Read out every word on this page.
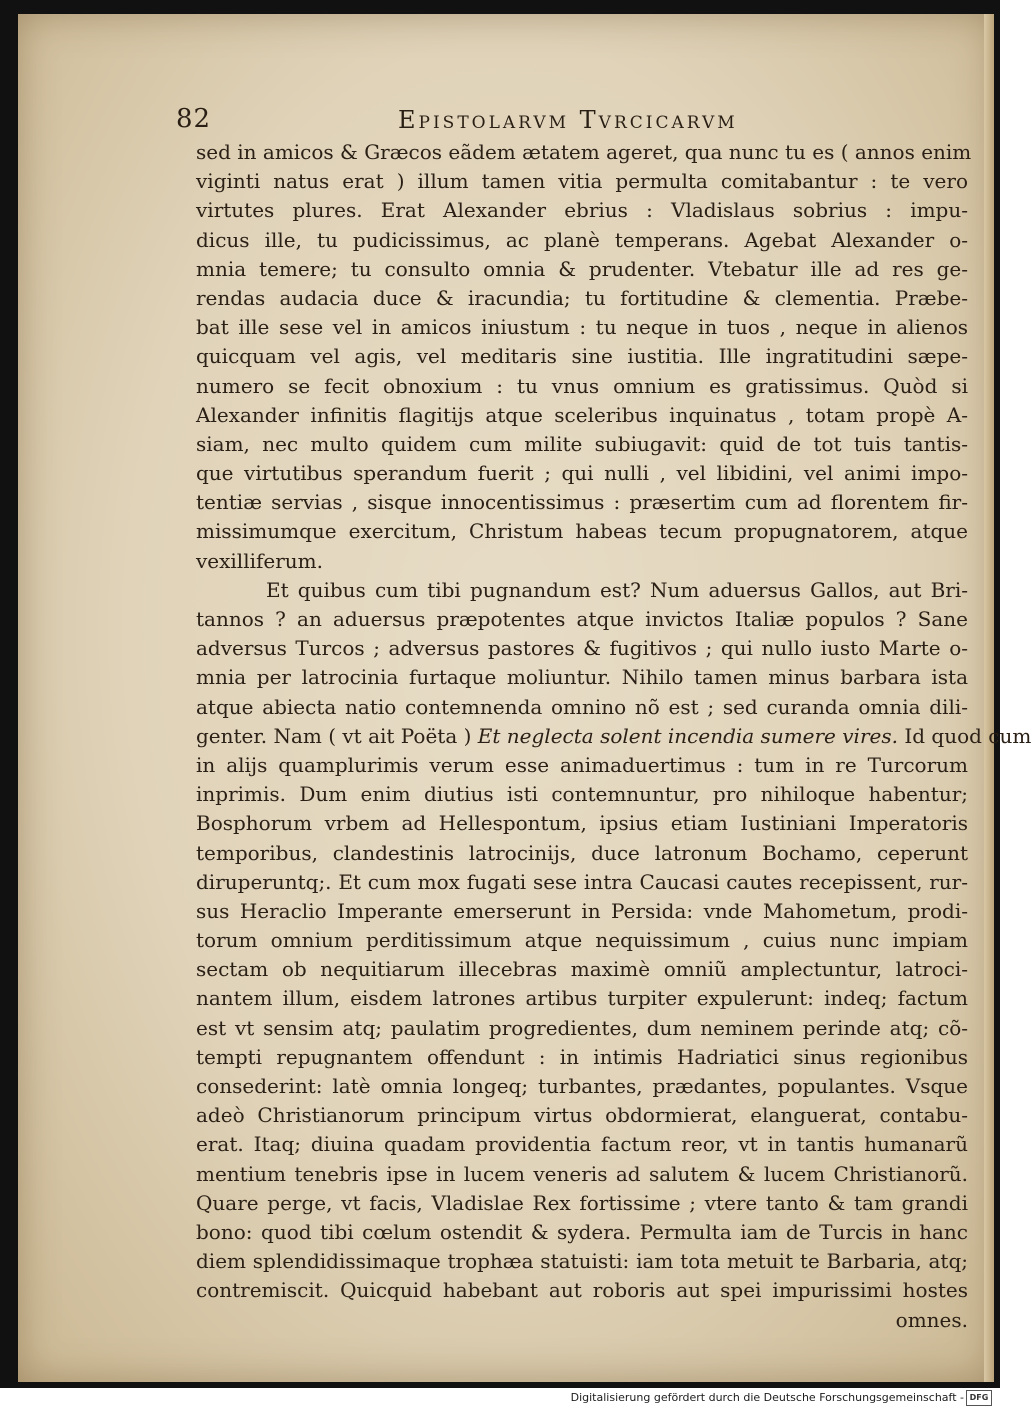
82	Epistolarvm Tvrcicarvm
sed in amicos & Græcos eãdem ætatem ageret, qua nunc tu es ( annos enim
viginti natus erat ) illum tamen vitia permulta comitabantur : te vero
virtutes plures. Erat Alexander ebrius : Vladislaus sobrius : impu-
dicus ille, tu pudicissimus, ac planè temperans. Agebat Alexander o-
mnia temere; tu consulto omnia & prudenter. Vtebatur ille ad res ge-
rendas audacia duce & iracundia; tu fortitudine & clementia. Præbe-
bat ille sese vel in amicos iniustum : tu neque in tuos , neque in alienos
quicquam vel agis, vel meditaris sine iustitia. Ille ingratitudini sæpe-
numero se fecit obnoxium : tu vnus omnium es gratissimus. Quòd si
Alexander infinitis flagitijs atque sceleribus inquinatus , totam propè A-
siam, nec multo quidem cum milite subiugavit: quid de tot tuis tantis-
que virtutibus sperandum fuerit ; qui nulli , vel libidini, vel animi impo-
tentiæ servias , sisque innocentissimus : præsertim cum ad florentem fir-
missimumque exercitum, Christum habeas tecum propugnatorem, atque
vexilliferum.
Et quibus cum tibi pugnandum est? Num aduersus Gallos, aut Bri-
tannos ? an aduersus præpotentes atque invictos Italiæ populos ? Sane
adversus Turcos ; adversus pastores & fugitivos ; qui nullo iusto Marte o-
mnia per latrocinia furtaque moliuntur. Nihilo tamen minus barbara ista
atque abiecta natio contemnenda omnino nõ est ; sed curanda omnia dili-
genter. Nam ( vt ait Poëta ) Et neglecta solent incendia sumere vires. Id quod cum
in alijs quamplurimis verum esse animaduertimus : tum in re Turcorum
inprimis. Dum enim diutius isti contemnuntur, pro nihiloque habentur;
Bosphorum vrbem ad Hellespontum, ipsius etiam Iustiniani Imperatoris
temporibus, clandestinis latrocinijs, duce latronum Bochamo, ceperunt
diruperuntq;. Et cum mox fugati sese intra Caucasi cautes recepissent, rur-
sus Heraclio Imperante emerserunt in Persida: vnde Mahometum, prodi-
torum omnium perditissimum atque nequissimum , cuius nunc impiam
sectam ob nequitiarum illecebras maximè omniũ amplectuntur, latroci-
nantem illum, eisdem latrones artibus turpiter expulerunt: indeq; factum
est vt sensim atq; paulatim progredientes, dum neminem perinde atq; cõ-
tempti repugnantem offendunt : in intimis Hadriatici sinus regionibus
consederint: latè omnia longeq; turbantes, prædantes, populantes. Vsque
adeò Christianorum principum virtus obdormierat, elanguerat, contabu-
erat. Itaq; diuina quadam providentia factum reor, vt in tantis humanarũ
mentium tenebris ipse in lucem veneris ad salutem & lucem Christianorũ.
Quare perge, vt facis, Vladislae Rex fortissime ; vtere tanto & tam grandi
bono: quod tibi cœlum ostendit & sydera. Permulta iam de Turcis in hanc
diem splendidissimaque trophæa statuisti: iam tota metuit te Barbaria, atq;
contremiscit. Quicquid habebant aut roboris aut spei impurissimi hostes
omnes.
Digitalisierung gefördert durch die Deutsche Forschungsgemeinschaft - DFG
